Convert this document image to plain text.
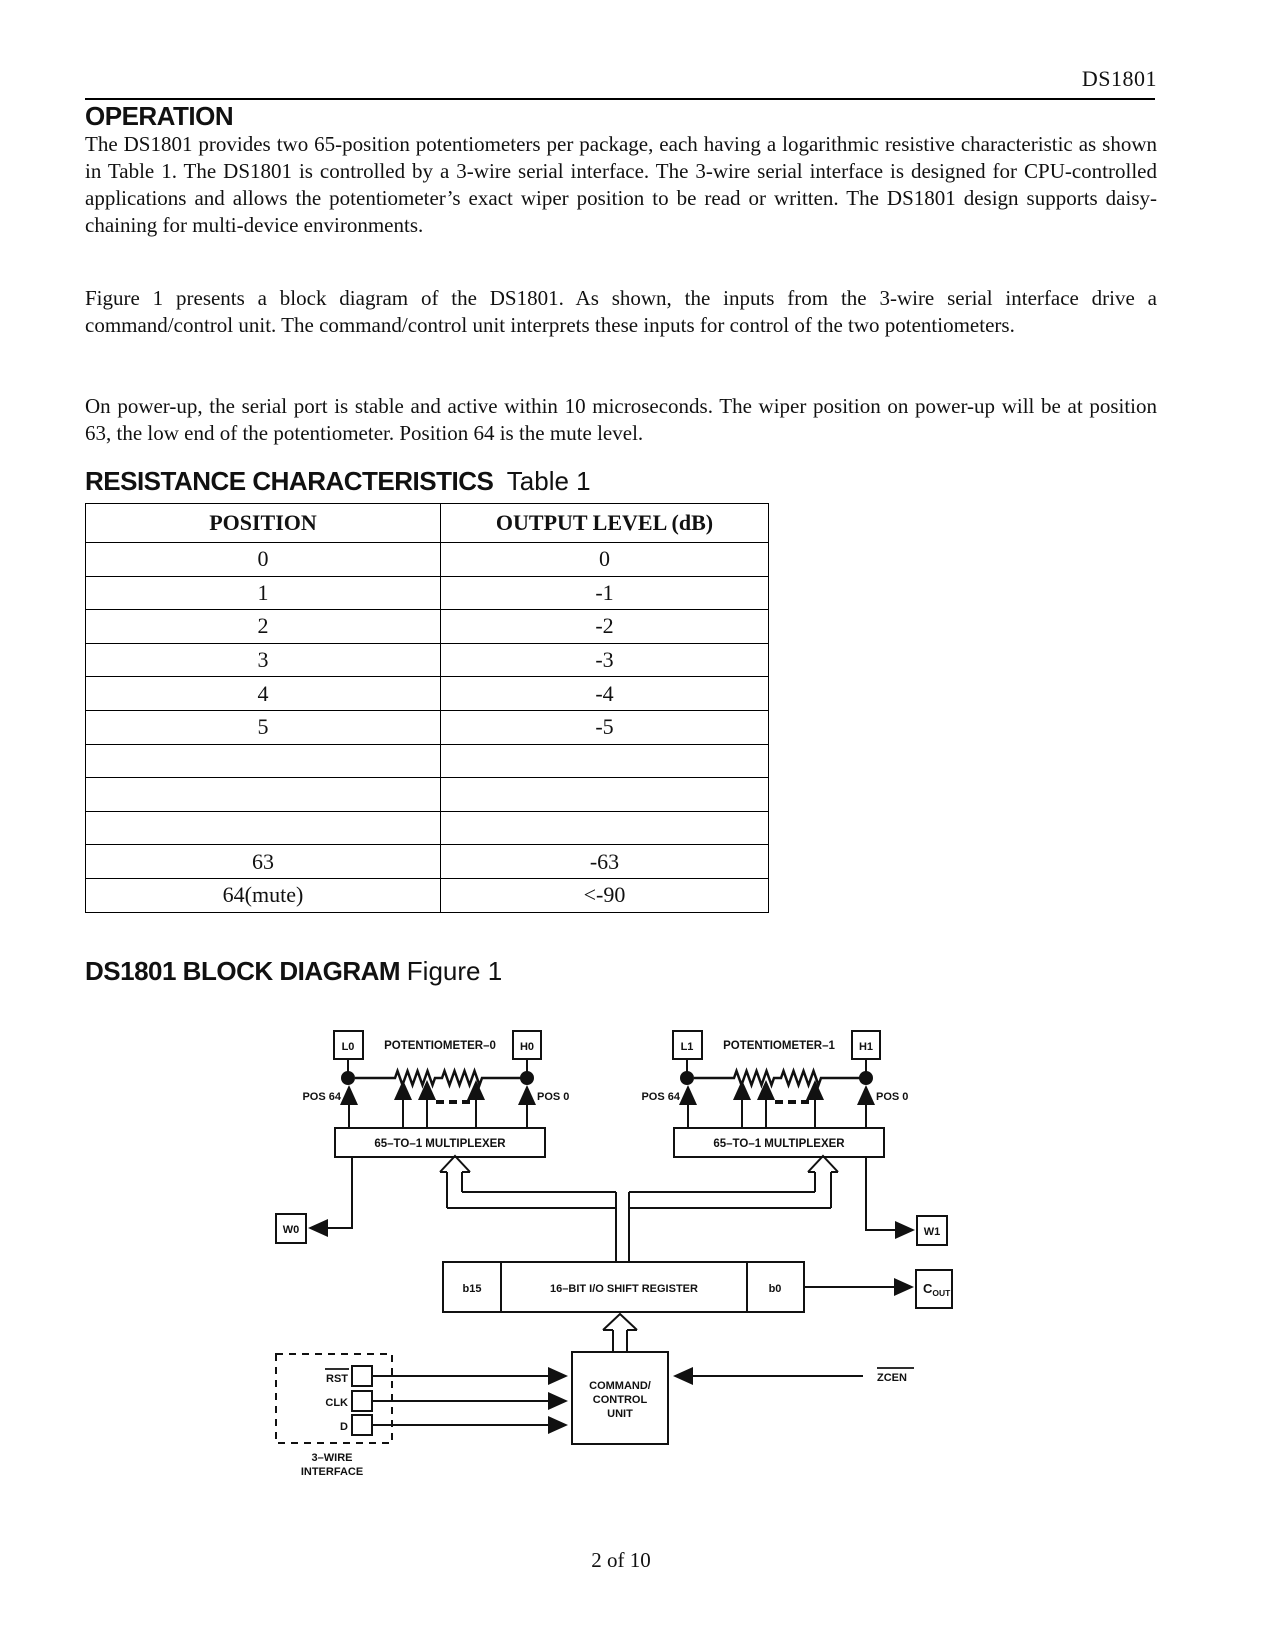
DS1801
OPERATION

The DS1801 provides two 65-position potentiometers per package, each having a logarithmic resistive characteristic as shown in Table 1. The DS1801 is controlled by a 3-wire serial interface. The 3-wire serial interface is designed for CPU-controlled applications and allows the potentiometer’s exact wiper position to be read or written. The DS1801 design supports daisy-chaining for multi-device environments.

Figure 1 presents a block diagram of the DS1801. As shown, the inputs from the 3-wire serial interface drive a command/control unit. The command/control unit interprets these inputs for control of the two potentiometers.

On power-up, the serial port is stable and active within 10 microseconds. The wiper position on power-up will be at position 63, the low end of the potentiometer. Position 64 is the mute level.

RESISTANCE CHARACTERISTICS Table 1
POSITION	OUTPUT LEVEL (dB)
0	0
1	-1
2	-2
3	-3
4	-4
5	-5

63	-63
64(mute)	<-90
DS1801 BLOCK DIAGRAM Figure 1
L0	H0
POTENTIOMETER–0
POS 64	POS 0
65–TO–1 MULTIPLEXER
L1	H1
POTENTIOMETER–1
POS 64	POS 0
65–TO–1 MULTIPLEXER
W0	W1
b15	16–BIT I/O SHIFT REGISTER	b0	$C_{OUT}$
COMMAND/
CONTROL
UNIT
ZCEN
RST
CLK
D
3–WIRE
INTERFACE
2 of 10
